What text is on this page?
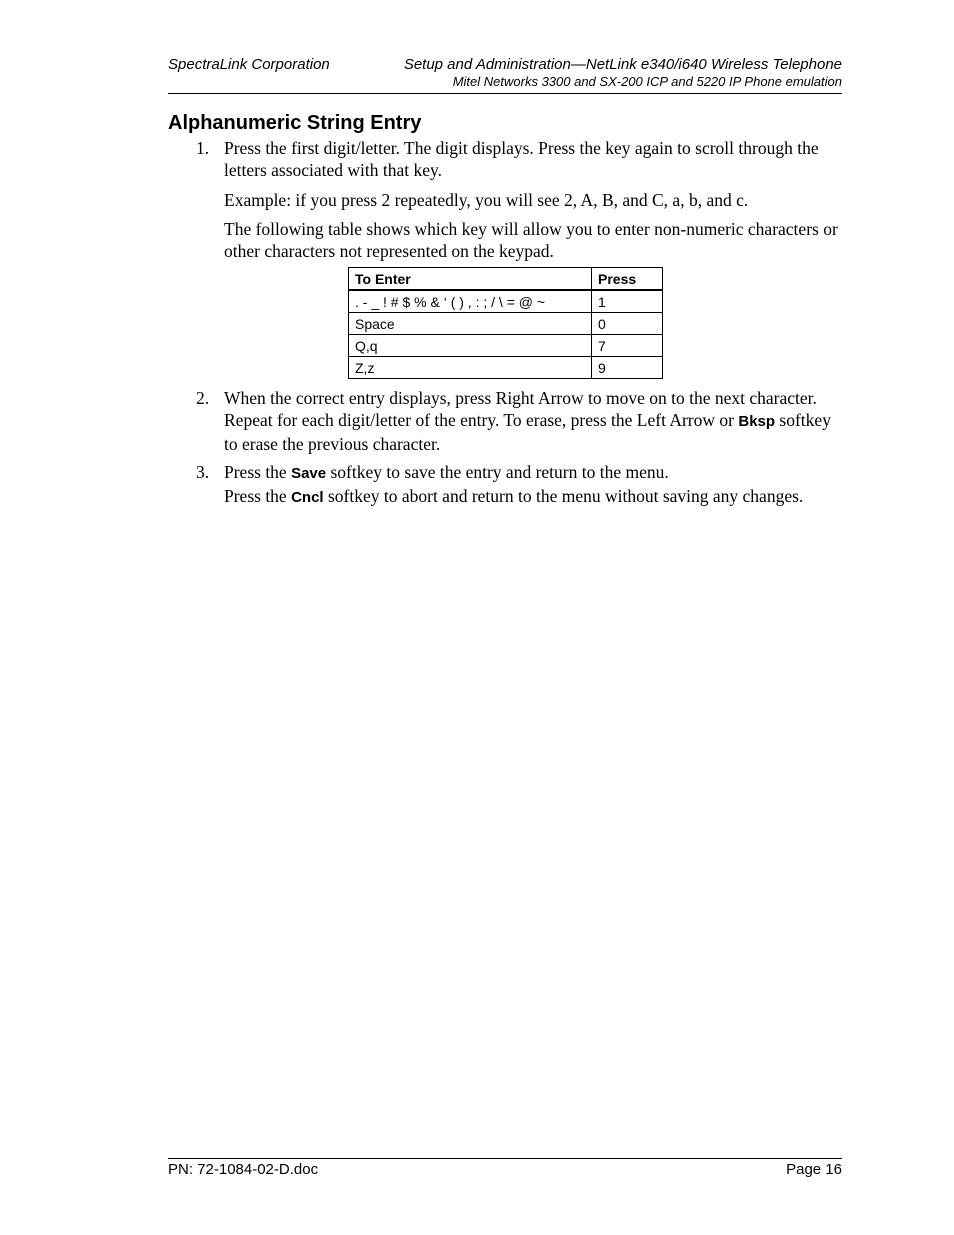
SpectraLink Corporation	Setup and Administration—NetLink e340/i640 Wireless Telephone
Mitel Networks 3300 and SX-200 ICP and 5220 IP Phone emulation
Alphanumeric String Entry
1. Press the first digit/letter. The digit displays. Press the key again to scroll through the letters associated with that key.

Example: if you press 2 repeatedly, you will see 2, A, B, and C, a, b, and c.

The following table shows which key will allow you to enter non-numeric characters or other characters not represented on the keypad.

To Enter	Press
. - _ ! # $ % & ‘ ( ) , : ; / \ = @ ~	1
Space	0
Q,q	7
Z,z	9
2. When the correct entry displays, press Right Arrow to move on to the next character. Repeat for each digit/letter of the entry. To erase, press the Left Arrow or Bksp softkey to erase the previous character.

3. Press the Save softkey to save the entry and return to the menu.

Press the Cncl softkey to abort and return to the menu without saving any changes.

PN: 72-1084-02-D.doc	Page 16
